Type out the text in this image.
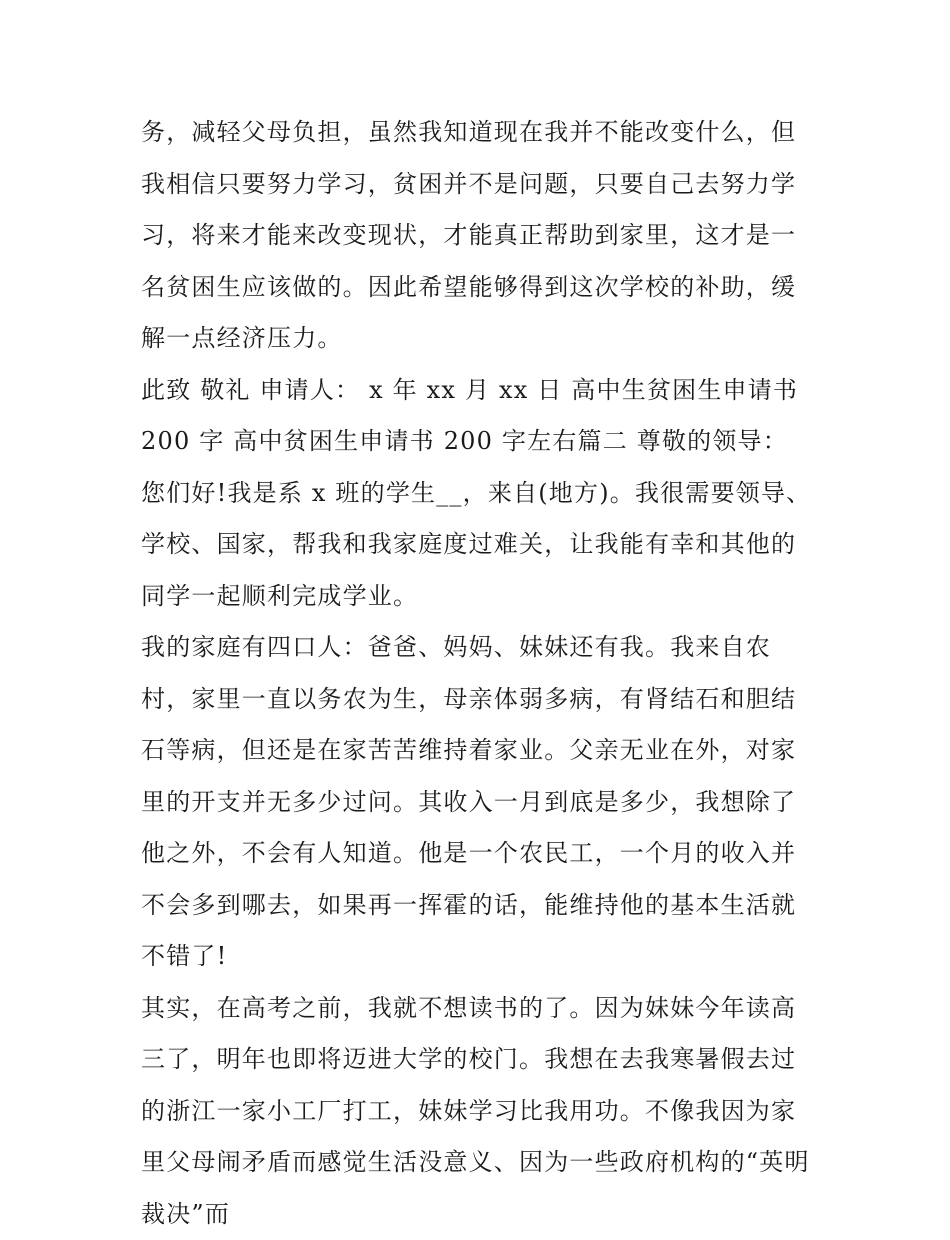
务，减轻父母负担，虽然我知道现在我并不能改变什么，但我相信只要努力学习，贫困并不是问题，只要自己去努力学习，将来才能来改变现状，才能真正帮助到家里，这才是一名贫困生应该做的。因此希望能够得到这次学校的补助，缓解一点经济压力。

此致 敬礼 申请人： x 年 xx 月 xx 日 高中生贫困生申请书 200 字 高中贫困生申请书 200 字左右篇二 尊敬的领导：

您们好!我是系 x 班的学生__，来自(地方)。我很需要领导、学校、国家，帮我和我家庭度过难关，让我能有幸和其他的同学一起顺利完成学业。

我的家庭有四口人：爸爸、妈妈、妹妹还有我。我来自农村，家里一直以务农为生，母亲体弱多病，有肾结石和胆结石等病，但还是在家苦苦维持着家业。父亲无业在外，对家里的开支并无多少过问。其收入一月到底是多少，我想除了他之外，不会有人知道。他是一个农民工，一个月的收入并不会多到哪去，如果再一挥霍的话，能维持他的基本生活就不错了!

其实，在高考之前，我就不想读书的了。因为妹妹今年读高三了，明年也即将迈进大学的校门。我想在去我寒暑假去过的浙江一家小工厂打工，妹妹学习比我用功。不像我因为家里父母闹矛盾而感觉生活没意义、因为一些政府机构的“英明裁决”而
